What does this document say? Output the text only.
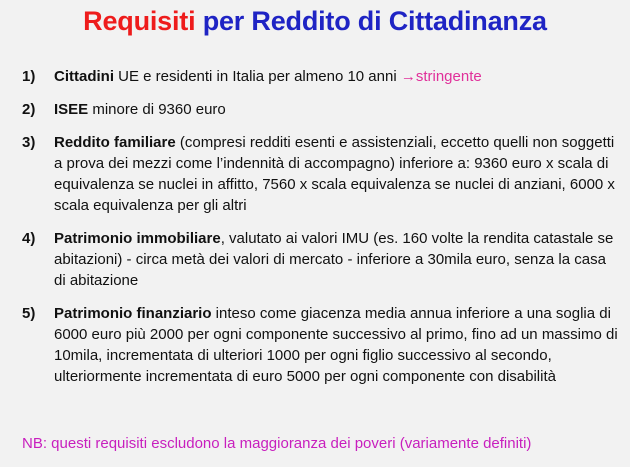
Requisiti per Reddito di Cittadinanza
1) Cittadini UE e residenti in Italia per almeno 10 anni →stringente
2) ISEE minore di 9360 euro
3) Reddito familiare (compresi redditi esenti e assistenziali, eccetto quelli non soggetti a prova dei mezzi come l’indennità di accompagno) inferiore a: 9360 euro x scala di equivalenza se nuclei in affitto, 7560 x scala equivalenza se nuclei di anziani, 6000 x scala equivalenza per gli altri
4) Patrimonio immobiliare, valutato ai valori IMU (es. 160 volte la rendita catastale se abitazioni) - circa metà dei valori di mercato - inferiore a 30mila euro, senza la casa di abitazione
5) Patrimonio finanziario inteso come giacenza media annua inferiore a una soglia di 6000 euro più 2000 per ogni componente successivo al primo, fino ad un massimo di 10mila, incrementata di ulteriori 1000 per ogni figlio successivo al secondo, ulteriormente incrementata di euro 5000 per ogni componente con disabilità
NB: questi requisiti escludono la maggioranza dei poveri (variamente definiti)
